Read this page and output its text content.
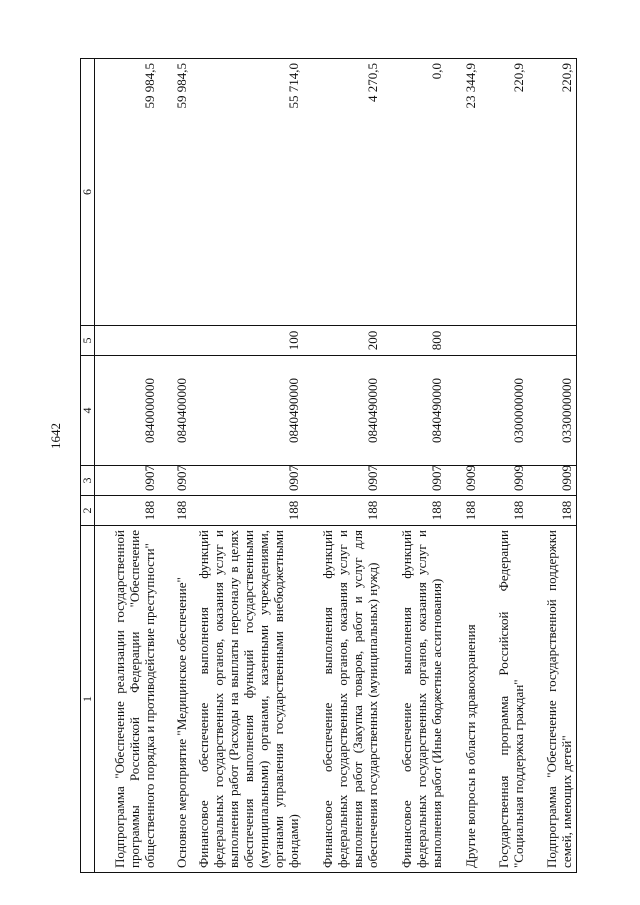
1642
1	2	3	4	5	6
Подпрограмма "Обеспечение реализации государственной программы Российской Федерации "Обеспечение общественного порядка и противодействие преступности"	188	0907	0840000000		59 984,5
Основное мероприятие "Медицинское обеспечение"	188	0907	0840400000		59 984,5
Финансовое обеспечение выполнения функций федеральных государственных органов, оказания услуг и выполнения работ (Расходы на выплаты персоналу в целях обеспечения выполнения функций государственными (муниципальными) органами, казенными учреждениями, органами управления государственными внебюджетными фондами)	188	0907	0840490000	100	55 714,0
Финансовое обеспечение выполнения функций федеральных государственных органов, оказания услуг и выполнения работ (Закупка товаров, работ и услуг для обеспечения государственных (муниципальных) нужд)	188	0907	0840490000	200	4 270,5
Финансовое обеспечение выполнения функций федеральных государственных органов, оказания услуг и выполнения работ (Иные бюджетные ассигнования)	188	0907	0840490000	800	0,0
Другие вопросы в области здравоохранения	188	0909			23 344,9
Государственная программа Российской Федерации "Социальная поддержка граждан"	188	0909	0300000000		220,9
Подпрограмма "Обеспечение государственной поддержки семей, имеющих детей"	188	0909	0330000000		220,9
